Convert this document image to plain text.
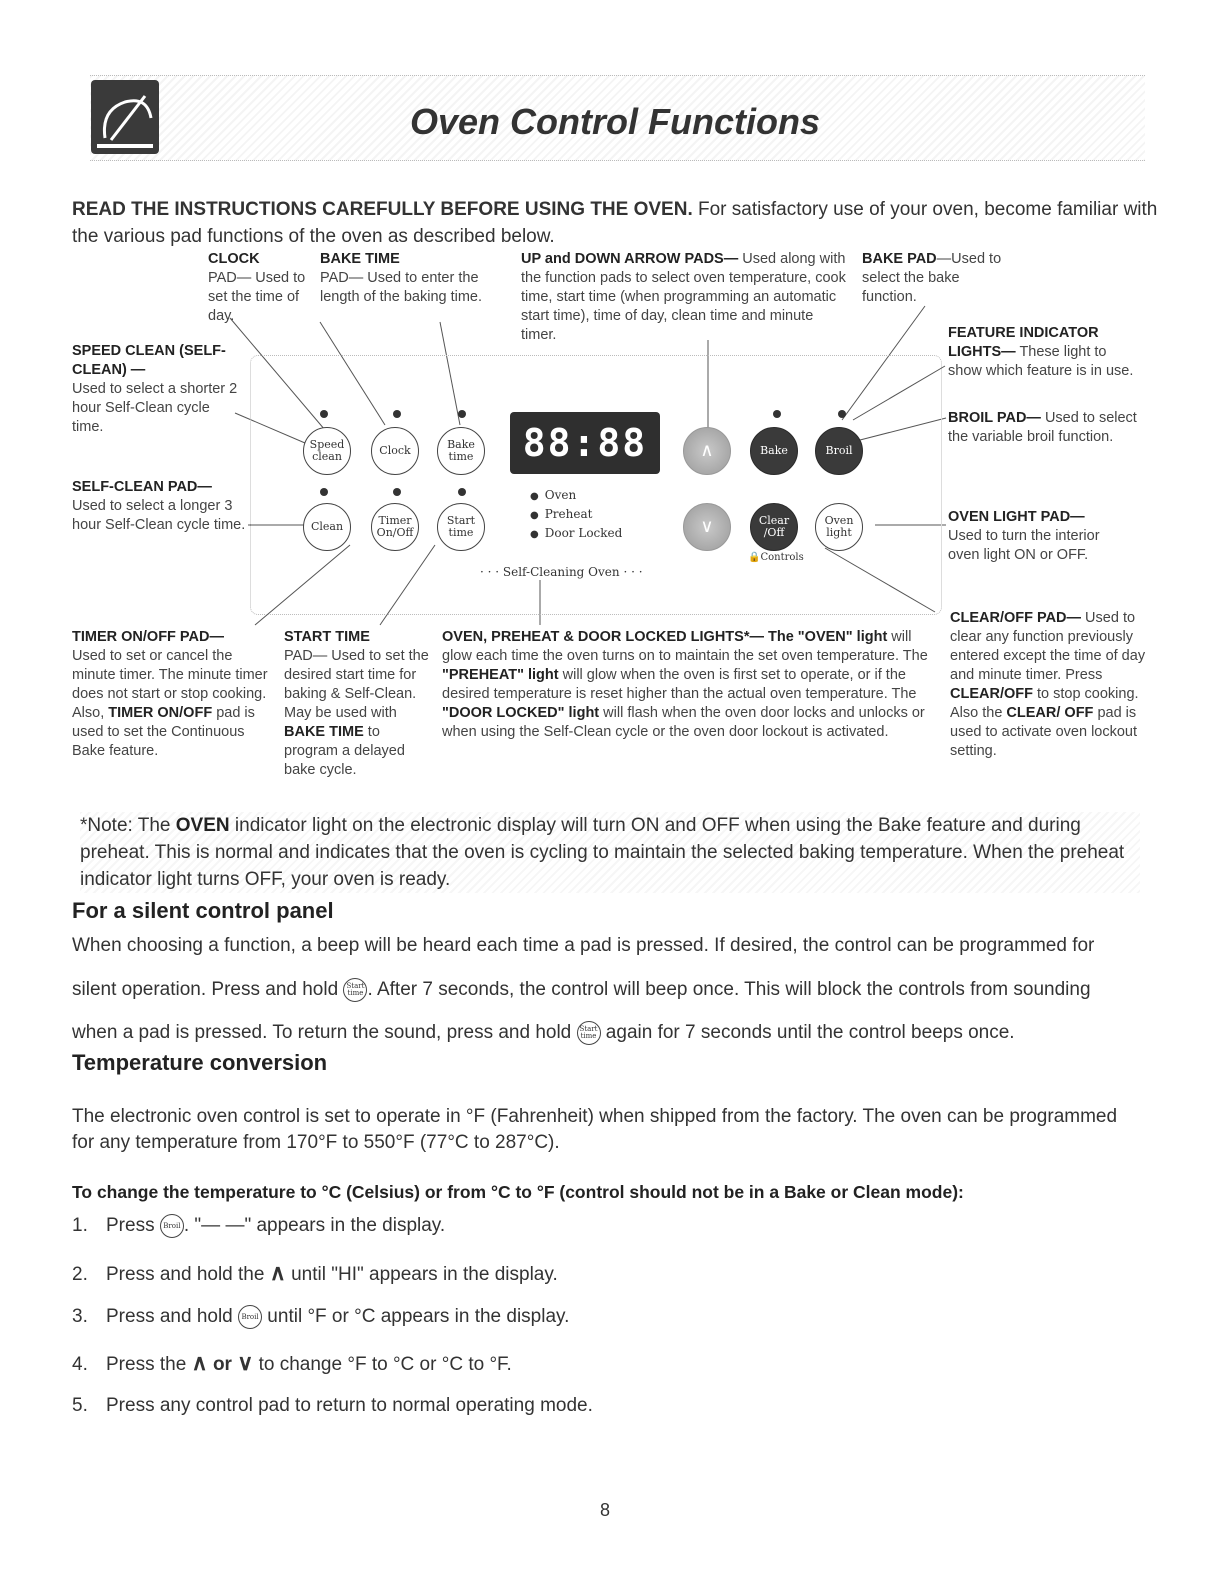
Oven Control Functions
READ THE INSTRUCTIONS CAREFULLY BEFORE USING THE OVEN. For satisfactory use of your oven, become familiar with the various pad functions of the oven as described below.
CLOCK
PAD— Used to set the time of day.
BAKE TIME
PAD— Used to enter the length of the baking time.
UP and DOWN ARROW PADS— Used along with the function pads to select oven temperature, cook time, start time (when programming an automatic start time), time of day, clean time and minute timer.
BAKE PAD—Used to select the bake function.
FEATURE INDICATOR
LIGHTS— These light to show which feature is in use.
SPEED CLEAN (SELF-CLEAN) —
Used to select a shorter 2 hour Self-Clean cycle time.
BROIL PAD— Used to select the variable broil function.
SELF-CLEAN PAD—
Used to select a longer 3 hour Self-Clean cycle time.	OVEN LIGHT PAD—
Used to turn the interior oven light ON or OFF.
Speed clean	Clock	Bake time
Clean	Timer On/Off
Start time
88:88
● Oven
● Preheat
● Door Locked
· · · Self-Cleaning Oven · · ·
∧	Bake	Broil
∨	Clear /Off
Oven light
🔒Controls
TIMER ON/OFF PAD—
Used to set or cancel the minute timer. The minute timer does not start or stop cooking. Also, TIMER ON/OFF pad is used to set the Continuous Bake feature.
START TIME
PAD— Used to set the desired start time for baking & Self-Clean. May be used with BAKE TIME to program a delayed bake cycle.
OVEN, PREHEAT & DOOR LOCKED LIGHTS*— The "OVEN" light will glow each time the oven turns on to maintain the set oven temperature. The "PREHEAT" light will glow when the oven is first set to operate, or if the desired temperature is reset higher than the actual oven temperature. The "DOOR LOCKED" light will flash when the oven door locks and unlocks or when using the Self-Clean cycle or the oven door lockout is activated.
CLEAR/OFF PAD— Used to clear any function previously entered except the time of day and minute timer. Press CLEAR/OFF to stop cooking. Also the CLEAR/ OFF pad is used to activate oven lockout setting.
*Note: The OVEN indicator light on the electronic display will turn ON and OFF when using the Bake feature and during preheat. This is normal and indicates that the oven is cycling to maintain the selected baking temperature. When the preheat indicator light turns OFF, your oven is ready.
For a silent control panel
When choosing a function, a beep will be heard each time a pad is pressed. If desired, the control can be programmed for
silent operation. Press and hold Start time . After 7 seconds, the control will beep once. This will block the controls from sounding
when a pad is pressed. To return the sound, press and hold Start time again for 7 seconds until the control beeps once.
Temperature conversion
The electronic oven control is set to operate in °F (Fahrenheit) when shipped from the factory. The oven can be programmed
for any temperature from 170°F to 550°F (77°C to 287°C).
To change the temperature to °C (Celsius) or from °C to °F (control should not be in a Bake or Clean mode):
1. Press Broil . "— —" appears in the display.
2. Press and hold the ∧ until "HI" appears in the display.
3. Press and hold Broil until °F or °C appears in the display.
4. Press the ∧ or ∨ to change °F to °C or °C to °F.
5. Press any control pad to return to normal operating mode.
8
